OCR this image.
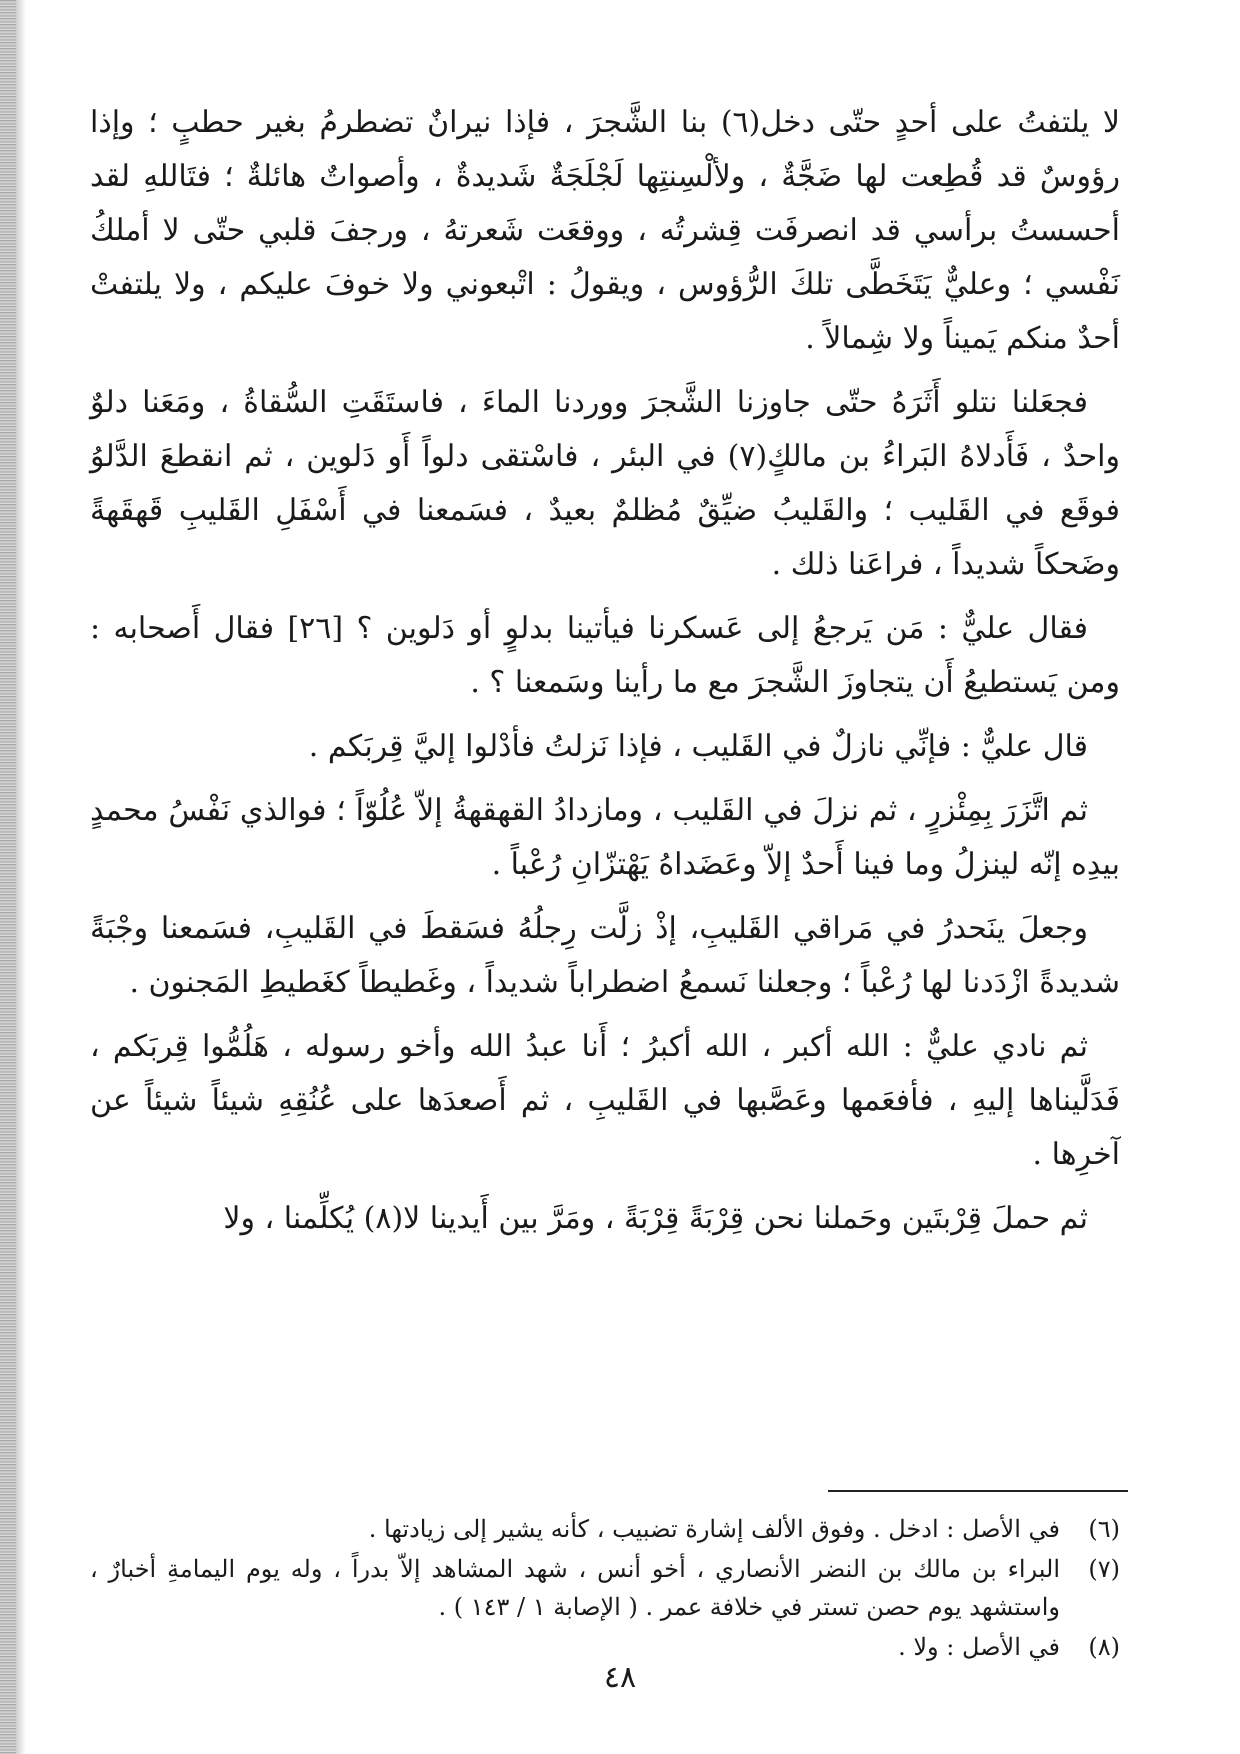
لا يلتفتُ على أحدٍ حتّى دخل(٦) بنا الشَّجرَ ، فإذا نيرانٌ تضطرمُ بغير حطبٍ ؛ وإذا رؤوسٌ قد قُطِعت لها ضَجَّةٌ ، ولألْسِنتِها لَجْلَجَةٌ شَديدةٌ ، وأصواتٌ هائلةٌ ؛ فتَاللهِ لقد أحسستُ برأسي قد انصرفَت قِشرتُه ، ووقعَت شَعرتهُ ، ورجفَ قلبي حتّى لا أملكُ نَفْسي ؛ وعليٌّ يَتَخَطَّى تلكَ الرُّؤوس ، ويقولُ : اتْبعوني ولا خوفَ عليكم ، ولا يلتفتْ أحدٌ منكم يَميناً ولا شِمالاً .

فجعَلنا نتلو أَثَرَهُ حتّى جاوزنا الشَّجرَ ووردنا الماءَ ، فاستَقَتِ السُّقاةُ ، ومَعَنا دلوٌ واحدٌ ، فَأَدلاهُ البَراءُ بن مالكٍ(٧) في البئر ، فاسْتقى دلواً أَو دَلوين ، ثم انقطعَ الدَّلوُ فوقَع في القَليب ؛ والقَليبُ ضيِّقٌ مُظلمٌ بعيدٌ ، فسَمعنا في أَسْفَلِ القَليبِ قَهقَهةً وضَحكاً شديداً ، فراعَنا ذلك .

فقال عليٌّ : مَن يَرجعُ إلى عَسكرنا فيأتينا بدلوٍ أو دَلوين ؟ [٢٦] فقال أَصحابه : ومن يَستطيعُ أَن يتجاوزَ الشَّجرَ مع ما رأينا وسَمعنا ؟ .

قال عليٌّ : فإنِّي نازلٌ في القَليب ، فإذا نَزلتُ فأدْلوا إليَّ قِربَكم .

ثم اتَّزَرَ بِمِئْزرٍ ، ثم نزلَ في القَليب ، ومازدادُ القهقهةُ إلاّ عُلُوّاً ؛ فوالذي نَفْسُ محمدٍ بيدِه إنّه لينزلُ وما فينا أَحدٌ إلاّ وعَضَداهُ يَهْتزّانِ رُعْباً .

وجعلَ ينَحدرُ في مَراقي القَليبِ، إذْ زلَّت رِجلُهُ فسَقطَ في القَليبِ، فسَمعنا وجْبَةً شديدةً ازْدَدنا لها رُعْباً ؛ وجعلنا نَسمعُ اضطراباً شديداً ، وغَطيطاً كغَطيطِ المَجنون .

ثم نادي عليٌّ : الله أكبر ، الله أكبرُ ؛ أَنا عبدُ الله وأخو رسوله ، هَلُمُّوا قِربَكم ، فَدَلَّيناها إليهِ ، فأفعَمها وعَصَّبها في القَليبِ ، ثم أَصعدَها على عُنُقِهِ شيئاً شيئاً عن آخرِها .

ثم حملَ قِرْبتَين وحَملنا نحن قِرْبَةً قِرْبَةً ، ومَرَّ بين أَيدينا لا(٨) يُكلِّمنا ، ولا

(٦)
في الأصل : ادخل . وفوق الألف إشارة تضبيب ، كأنه يشير إلى زيادتها .
(٧)
البراء بن مالك بن النضر الأنصاري ، أخو أنس ، شهد المشاهد إلاّ بدراً ، وله يوم اليمامةِ أخبارٌ ، واستشهد يوم حصن تستر في خلافة عمر . ( الإصابة ١ / ١٤٣ ) .
(٨)
في الأصل : ولا .
٤٨
